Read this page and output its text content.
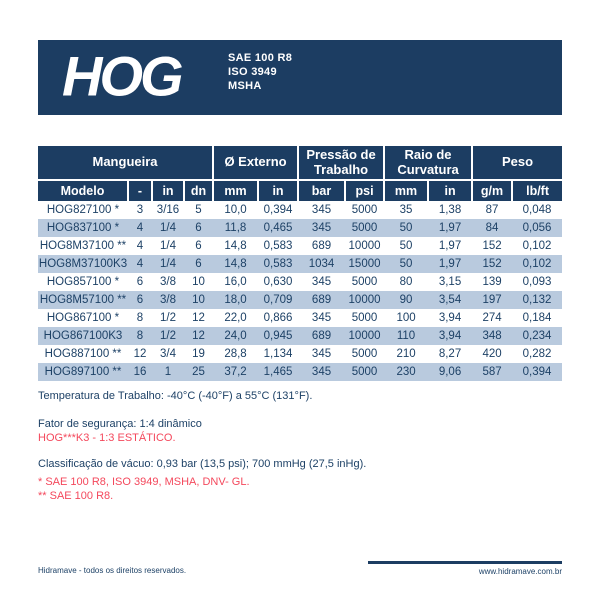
HOG	SAE 100 R8
ISO 3949
MSHA
Mangueira				Ø Externo		Pressão de Trabalho		Raio de Curvatura		Peso	
Modelo	-	in	dn	mm	in	bar	psi	mm	in	g/m	lb/ft
HOG827100 *	3	3/16	5	10,0	0,394	345	5000	35	1,38	87	0,048
HOG837100 *	4	1/4	6	11,8	0,465	345	5000	50	1,97	84	0,056
HOG8M37100 **	4	1/4	6	14,8	0,583	689	10000	50	1,97	152	0,102
HOG8M37100K3	4	1/4	6	14,8	0,583	1034	15000	50	1,97	152	0,102
HOG857100 *	6	3/8	10	16,0	0,630	345	5000	80	3,15	139	0,093
HOG8M57100 **	6	3/8	10	18,0	0,709	689	10000	90	3,54	197	0,132
HOG867100 *	8	1/2	12	22,0	0,866	345	5000	100	3,94	274	0,184
HOG867100K3	8	1/2	12	24,0	0,945	689	10000	110	3,94	348	0,234
HOG887100 **	12	3/4	19	28,8	1,134	345	5000	210	8,27	420	0,282
HOG897100 **	16	1	25	37,2	1,465	345	5000	230	9,06	587	0,394
Temperatura de Trabalho: -40°C (-40°F) a 55°C (131°F).
Fator de segurança: 1:4 dinâmico
HOG***K3 - 1:3 ESTÁTICO.
Classificação de vácuo: 0,93 bar (13,5 psi); 700 mmHg (27,5 inHg).
* SAE 100 R8, ISO 3949, MSHA, DNV- GL.
** SAE 100 R8.
Hidramave - todos os direitos reservados.	www.hidramave.com.br
